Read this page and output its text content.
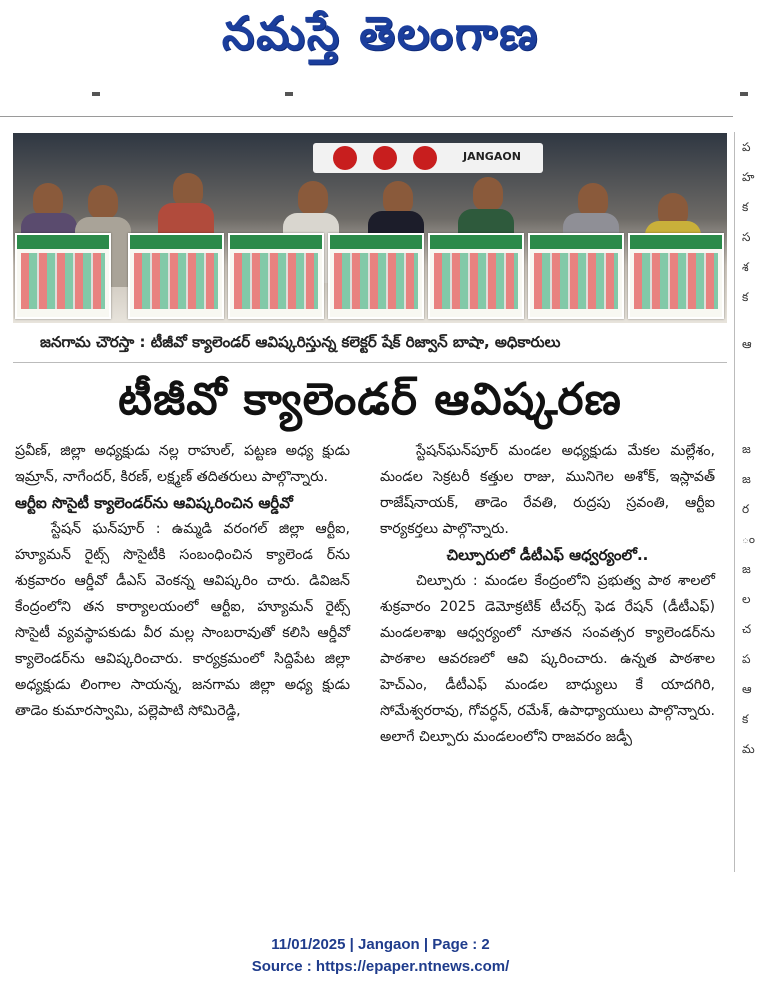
నమస్తే తెలంగాణ
JANGAON
జనగామ చౌరస్తా : టీజీవో క్యాలెండర్ ఆవిష్కరిస్తున్న కలెక్టర్ షేక్ రిజ్వాన్ బాషా, అధికారులు
టీజీవో క్యాలెండర్ ఆవిష్కరణ

ప్రవీణ్, జిల్లా అధ్యక్షుడు నల్ల రాహుల్, పట్టణ అధ్య క్షుడు ఇమ్రాన్, నాగేందర్, కిరణ్, లక్ష్మణ్ తదితరులు పాల్గొన్నారు.

ఆర్టీఐ సొసైటీ క్యాలెండర్‌ను ఆవిష్కరించిన ఆర్డీవో

స్టేషన్ ఘన్‌పూర్ : ఉమ్మడి వరంగల్ జిల్లా ఆర్టీఐ, హ్యూమన్ రైట్స్ సొసైటీకి సంబంధించిన క్యాలెండ ర్‌ను శుక్రవారం ఆర్డీవో డీఎస్ వెంకన్న ఆవిష్కరిం చారు. డివిజన్ కేంద్రంలోని తన కార్యాలయంలో ఆర్టీఐ, హ్యూమన్ రైట్స్ సొసైటీ వ్యవస్థాపకుడు వీర మల్ల సాంబరావుతో కలిసి ఆర్డీవో క్యాలెండర్‌ను ఆవిష్కరించారు. కార్యక్రమంలో సిద్దిపేట జిల్లా అధ్యక్షుడు లింగాల సాయన్న, జనగామ జిల్లా అధ్య క్షుడు తాడెం కుమారస్వామి, పల్లెపాటి సోమిరెడ్డి,

స్టేషన్‌ఘన్‌పూర్ మండల అధ్యక్షుడు మేకల మల్లేశం, మండల సెక్రటరీ కత్తుల రాజు, మునిగెల అశోక్, ఇస్లావత్ రాజేష్‌నాయక్, తాడెం రేవతి, రుద్రపు స్రవంతి, ఆర్టీఐ కార్యకర్తలు పాల్గొన్నారు.

చిల్పూరులో డీటీఎఫ్ ఆధ్వర్యంలో..

చిల్పూరు : మండల కేంద్రంలోని ప్రభుత్వ పాఠ శాలలో శుక్రవారం 2025 డెమోక్రటిక్ టీచర్స్ ఫెడ రేషన్ (డీటీఎఫ్) మండలశాఖ ఆధ్వర్యంలో నూతన సంవత్సర క్యాలెండర్‌ను పాఠశాల ఆవరణలో ఆవి ష్కరించారు. ఉన్నత పాఠశాల హెచ్ఎం, డీటీఎఫ్ మండల బాధ్యులు కే యాదగిరి, సోమేశ్వరరావు, గోవర్ధన్, రమేశ్, ఉపాధ్యాయులు పాల్గొన్నారు. అలాగే చిల్పూరు మండలంలోని రాజవరం జడ్పీ

ప
హ
క
స
శ
క
ఆ
జ
జ
ర
ం
జ
ల
చ
ప
ఆ
క
మ
11/01/2025 | Jangaon | Page : 2
Source : https://epaper.ntnews.com/
